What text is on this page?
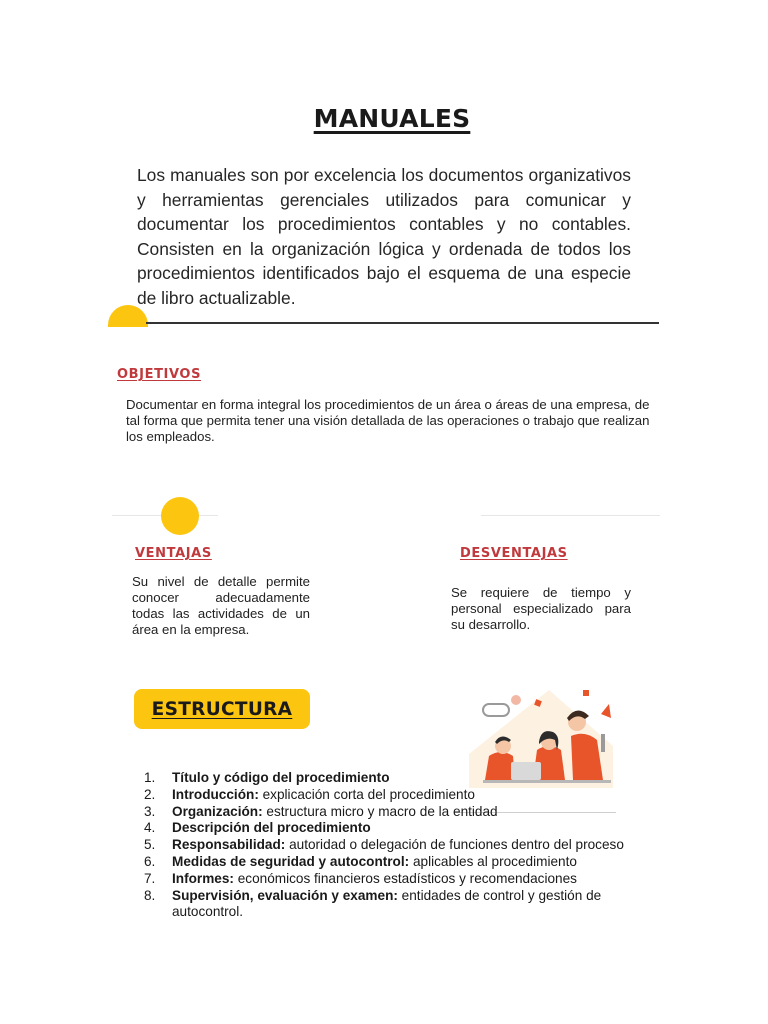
MANUALES
Los manuales son por excelencia los documentos organizativos y herramientas gerenciales utilizados para comunicar y documentar los procedimientos contables y no contables. Consisten en la organización lógica y ordenada de todos los procedimientos identificados bajo el esquema de una especie de libro actualizable.
OBJETIVOS
Documentar en forma integral los procedimientos de un área o áreas de una empresa, de tal forma que permita tener una visión detallada de las operaciones o trabajo que realizan los empleados.
VENTAJAS
Su nivel de detalle permite conocer adecuadamente todas las actividades de un área en la empresa.
DESVENTAJAS
Se requiere de tiempo y personal especializado para su desarrollo.
ESTRUCTURA
1. Título y código del procedimiento
2. Introducción: explicación corta del procedimiento
3. Organización: estructura micro y macro de la entidad
4. Descripción del procedimiento
5. Responsabilidad: autoridad o delegación de funciones dentro del proceso
6. Medidas de seguridad y autocontrol: aplicables al procedimiento
7. Informes: económicos financieros estadísticos y recomendaciones
8. Supervisión, evaluación y examen: entidades de control y gestión de autocontrol.
